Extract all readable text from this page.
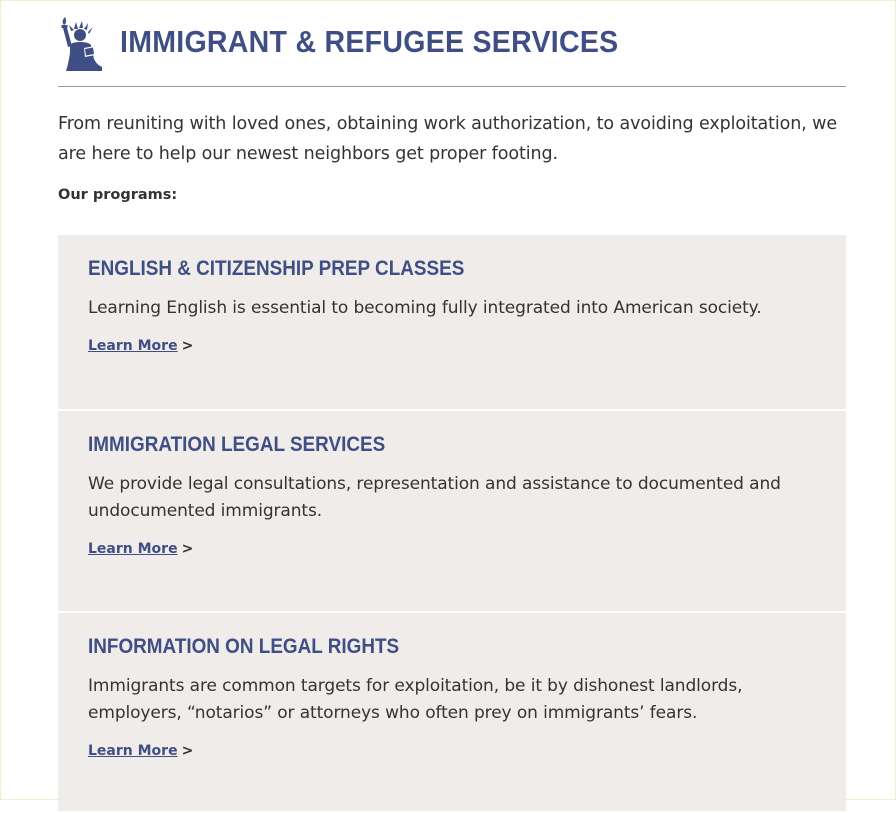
IMMIGRANT & REFUGEE SERVICES

From reuniting with loved ones, obtaining work authorization, to avoiding exploitation, we are here to help our newest neighbors get proper footing.

Our programs:

ENGLISH & CITIZENSHIP PREP CLASSES

Learning English is essential to becoming fully integrated into American society.

Learn More >
IMMIGRATION LEGAL SERVICES

We provide legal consultations, representation and assistance to documented and undocumented immigrants.

Learn More >
INFORMATION ON LEGAL RIGHTS

Immigrants are common targets for exploitation, be it by dishonest landlords, employers, “notarios” or attorneys who often prey on immigrants’ fears.

Learn More >
